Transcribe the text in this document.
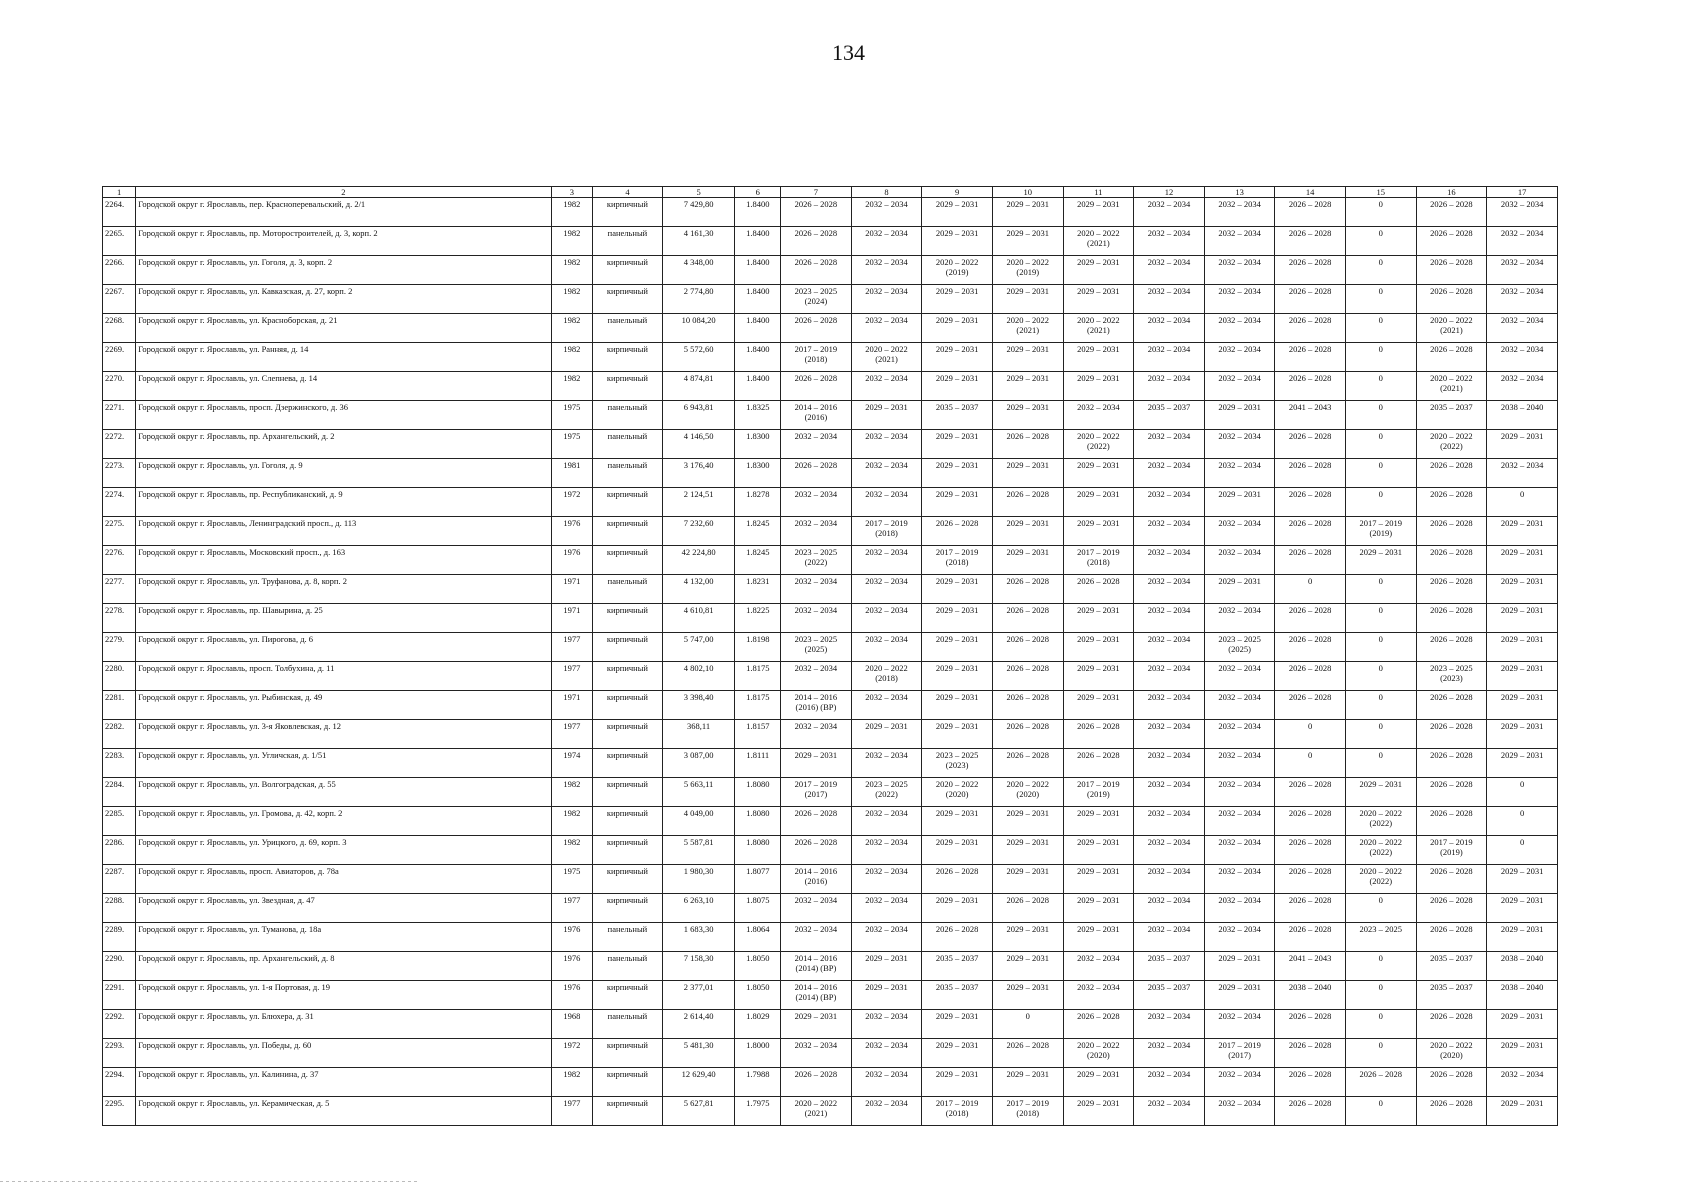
134
1	2	3	4	5	6	7	8	9	10	11	12	13	14	15	16	17
2264.	Городской округ г. Ярославль, пер. Красноперевальский, д. 2/1	1982	кирпичный	7 429,80	1.8400	2026 – 2028	2032 – 2034	2029 – 2031	2029 – 2031	2029 – 2031	2032 – 2034	2032 – 2034	2026 – 2028	0	2026 – 2028	2032 – 2034
2265.	Городской округ г. Ярославль, пр. Моторостроителей, д. 3, корп. 2	1982	панельный	4 161,30	1.8400	2026 – 2028	2032 – 2034	2029 – 2031	2029 – 2031	2020 – 2022 (2021)	2032 – 2034	2032 – 2034	2026 – 2028	0	2026 – 2028	2032 – 2034
2266.	Городской округ г. Ярославль, ул. Гоголя, д. 3, корп. 2	1982	кирпичный	4 348,00	1.8400	2026 – 2028	2032 – 2034	2020 – 2022 (2019)	2020 – 2022 (2019)	2029 – 2031	2032 – 2034	2032 – 2034	2026 – 2028	0	2026 – 2028	2032 – 2034
2267.	Городской округ г. Ярославль, ул. Кавказская, д. 27, корп. 2	1982	кирпичный	2 774,80	1.8400	2023 – 2025 (2024)	2032 – 2034	2029 – 2031	2029 – 2031	2029 – 2031	2032 – 2034	2032 – 2034	2026 – 2028	0	2026 – 2028	2032 – 2034
2268.	Городской округ г. Ярославль, ул. Красноборская, д. 21	1982	панельный	10 084,20	1.8400	2026 – 2028	2032 – 2034	2029 – 2031	2020 – 2022 (2021)	2020 – 2022 (2021)	2032 – 2034	2032 – 2034	2026 – 2028	0	2020 – 2022 (2021)	2032 – 2034
2269.	Городской округ г. Ярославль, ул. Ранняя, д. 14	1982	кирпичный	5 572,60	1.8400	2017 – 2019 (2018)	2020 – 2022 (2021)	2029 – 2031	2029 – 2031	2029 – 2031	2032 – 2034	2032 – 2034	2026 – 2028	0	2026 – 2028	2032 – 2034
2270.	Городской округ г. Ярославль, ул. Слепнева, д. 14	1982	кирпичный	4 874,81	1.8400	2026 – 2028	2032 – 2034	2029 – 2031	2029 – 2031	2029 – 2031	2032 – 2034	2032 – 2034	2026 – 2028	0	2020 – 2022 (2021)	2032 – 2034
2271.	Городской округ г. Ярославль, просп. Дзержинского, д. 36	1975	панельный	6 943,81	1.8325	2014 – 2016 (2016)	2029 – 2031	2035 – 2037	2029 – 2031	2032 – 2034	2035 – 2037	2029 – 2031	2041 – 2043	0	2035 – 2037	2038 – 2040
2272.	Городской округ г. Ярославль, пр. Архангельский, д. 2	1975	панельный	4 146,50	1.8300	2032 – 2034	2032 – 2034	2029 – 2031	2026 – 2028	2020 – 2022 (2022)	2032 – 2034	2032 – 2034	2026 – 2028	0	2020 – 2022 (2022)	2029 – 2031
2273.	Городской округ г. Ярославль, ул. Гоголя, д. 9	1981	панельный	3 176,40	1.8300	2026 – 2028	2032 – 2034	2029 – 2031	2029 – 2031	2029 – 2031	2032 – 2034	2032 – 2034	2026 – 2028	0	2026 – 2028	2032 – 2034
2274.	Городской округ г. Ярославль, пр. Республиканский, д. 9	1972	кирпичный	2 124,51	1.8278	2032 – 2034	2032 – 2034	2029 – 2031	2026 – 2028	2029 – 2031	2032 – 2034	2029 – 2031	2026 – 2028	0	2026 – 2028	0
2275.	Городской округ г. Ярославль, Ленинградский просп., д. 113	1976	кирпичный	7 232,60	1.8245	2032 – 2034	2017 – 2019 (2018)	2026 – 2028	2029 – 2031	2029 – 2031	2032 – 2034	2032 – 2034	2026 – 2028	2017 – 2019 (2019)	2026 – 2028	2029 – 2031
2276.	Городской округ г. Ярославль, Московский просп., д. 163	1976	кирпичный	42 224,80	1.8245	2023 – 2025 (2022)	2032 – 2034	2017 – 2019 (2018)	2029 – 2031	2017 – 2019 (2018)	2032 – 2034	2032 – 2034	2026 – 2028	2029 – 2031	2026 – 2028	2029 – 2031
2277.	Городской округ г. Ярославль, ул. Труфанова, д. 8, корп. 2	1971	панельный	4 132,00	1.8231	2032 – 2034	2032 – 2034	2029 – 2031	2026 – 2028	2026 – 2028	2032 – 2034	2029 – 2031	0	0	2026 – 2028	2029 – 2031
2278.	Городской округ г. Ярославль, пр. Шавырина, д. 25	1971	кирпичный	4 610,81	1.8225	2032 – 2034	2032 – 2034	2029 – 2031	2026 – 2028	2029 – 2031	2032 – 2034	2032 – 2034	2026 – 2028	0	2026 – 2028	2029 – 2031
2279.	Городской округ г. Ярославль, ул. Пирогова, д. 6	1977	кирпичный	5 747,00	1.8198	2023 – 2025 (2025)	2032 – 2034	2029 – 2031	2026 – 2028	2029 – 2031	2032 – 2034	2023 – 2025 (2025)	2026 – 2028	0	2026 – 2028	2029 – 2031
2280.	Городской округ г. Ярославль, просп. Толбухина, д. 11	1977	кирпичный	4 802,10	1.8175	2032 – 2034	2020 – 2022 (2018)	2029 – 2031	2026 – 2028	2029 – 2031	2032 – 2034	2032 – 2034	2026 – 2028	0	2023 – 2025 (2023)	2029 – 2031
2281.	Городской округ г. Ярославль, ул. Рыбинская, д. 49	1971	кирпичный	3 398,40	1.8175	2014 – 2016 (2016) (ВР)	2032 – 2034	2029 – 2031	2026 – 2028	2029 – 2031	2032 – 2034	2032 – 2034	2026 – 2028	0	2026 – 2028	2029 – 2031
2282.	Городской округ г. Ярославль, ул. 3-я Яковлевская, д. 12	1977	кирпичный	368,11	1.8157	2032 – 2034	2029 – 2031	2029 – 2031	2026 – 2028	2026 – 2028	2032 – 2034	2032 – 2034	0	0	2026 – 2028	2029 – 2031
2283.	Городской округ г. Ярославль, ул. Угличская, д. 1/51	1974	кирпичный	3 087,00	1.8111	2029 – 2031	2032 – 2034	2023 – 2025 (2023)	2026 – 2028	2026 – 2028	2032 – 2034	2032 – 2034	0	0	2026 – 2028	2029 – 2031
2284.	Городской округ г. Ярославль, ул. Волгоградская, д. 55	1982	кирпичный	5 663,11	1.8080	2017 – 2019 (2017)	2023 – 2025 (2022)	2020 – 2022 (2020)	2020 – 2022 (2020)	2017 – 2019 (2019)	2032 – 2034	2032 – 2034	2026 – 2028	2029 – 2031	2026 – 2028	0
2285.	Городской округ г. Ярославль, ул. Громова, д. 42, корп. 2	1982	кирпичный	4 049,00	1.8080	2026 – 2028	2032 – 2034	2029 – 2031	2029 – 2031	2029 – 2031	2032 – 2034	2032 – 2034	2026 – 2028	2020 – 2022 (2022)	2026 – 2028	0
2286.	Городской округ г. Ярославль, ул. Урицкого, д. 69, корп. 3	1982	кирпичный	5 587,81	1.8080	2026 – 2028	2032 – 2034	2029 – 2031	2029 – 2031	2029 – 2031	2032 – 2034	2032 – 2034	2026 – 2028	2020 – 2022 (2022)	2017 – 2019 (2019)	0
2287.	Городской округ г. Ярославль, просп. Авиаторов, д. 78а	1975	кирпичный	1 980,30	1.8077	2014 – 2016 (2016)	2032 – 2034	2026 – 2028	2029 – 2031	2029 – 2031	2032 – 2034	2032 – 2034	2026 – 2028	2020 – 2022 (2022)	2026 – 2028	2029 – 2031
2288.	Городской округ г. Ярославль, ул. Звездная, д. 47	1977	кирпичный	6 263,10	1.8075	2032 – 2034	2032 – 2034	2029 – 2031	2026 – 2028	2029 – 2031	2032 – 2034	2032 – 2034	2026 – 2028	0	2026 – 2028	2029 – 2031
2289.	Городской округ г. Ярославль, ул. Туманова, д. 18а	1976	панельный	1 683,30	1.8064	2032 – 2034	2032 – 2034	2026 – 2028	2029 – 2031	2029 – 2031	2032 – 2034	2032 – 2034	2026 – 2028	2023 – 2025	2026 – 2028	2029 – 2031
2290.	Городской округ г. Ярославль, пр. Архангельский, д. 8	1976	панельный	7 158,30	1.8050	2014 – 2016 (2014) (ВР)	2029 – 2031	2035 – 2037	2029 – 2031	2032 – 2034	2035 – 2037	2029 – 2031	2041 – 2043	0	2035 – 2037	2038 – 2040
2291.	Городской округ г. Ярославль, ул. 1-я Портовая, д. 19	1976	кирпичный	2 377,01	1.8050	2014 – 2016 (2014) (ВР)	2029 – 2031	2035 – 2037	2029 – 2031	2032 – 2034	2035 – 2037	2029 – 2031	2038 – 2040	0	2035 – 2037	2038 – 2040
2292.	Городской округ г. Ярославль, ул. Блюхера, д. 31	1968	панельный	2 614,40	1.8029	2029 – 2031	2032 – 2034	2029 – 2031	0	2026 – 2028	2032 – 2034	2032 – 2034	2026 – 2028	0	2026 – 2028	2029 – 2031
2293.	Городской округ г. Ярославль, ул. Победы, д. 60	1972	кирпичный	5 481,30	1.8000	2032 – 2034	2032 – 2034	2029 – 2031	2026 – 2028	2020 – 2022 (2020)	2032 – 2034	2017 – 2019 (2017)	2026 – 2028	0	2020 – 2022 (2020)	2029 – 2031
2294.	Городской округ г. Ярославль, ул. Калинина, д. 37	1982	кирпичный	12 629,40	1.7988	2026 – 2028	2032 – 2034	2029 – 2031	2029 – 2031	2029 – 2031	2032 – 2034	2032 – 2034	2026 – 2028	2026 – 2028	2026 – 2028	2032 – 2034
2295.	Городской округ г. Ярославль, ул. Керамическая, д. 5	1977	кирпичный	5 627,81	1.7975	2020 – 2022 (2021)	2032 – 2034	2017 – 2019 (2018)	2017 – 2019 (2018)	2029 – 2031	2032 – 2034	2032 – 2034	2026 – 2028	0	2026 – 2028	2029 – 2031
